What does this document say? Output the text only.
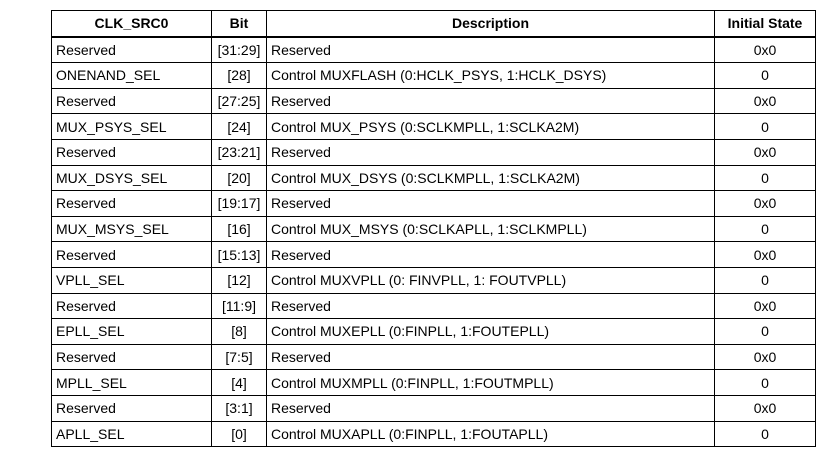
CLK_SRC0	Bit	Description	Initial State
Reserved	[31:29]	Reserved	0x0
ONENAND_SEL	[28]	Control MUXFLASH (0:HCLK_PSYS, 1:HCLK_DSYS)	0
Reserved	[27:25]	Reserved	0x0
MUX_PSYS_SEL	[24]	Control MUX_PSYS (0:SCLKMPLL, 1:SCLKA2M)	0
Reserved	[23:21]	Reserved	0x0
MUX_DSYS_SEL	[20]	Control MUX_DSYS (0:SCLKMPLL, 1:SCLKA2M)	0
Reserved	[19:17]	Reserved	0x0
MUX_MSYS_SEL	[16]	Control MUX_MSYS (0:SCLKAPLL, 1:SCLKMPLL)	0
Reserved	[15:13]	Reserved	0x0
VPLL_SEL	[12]	Control MUXVPLL (0: FINVPLL, 1: FOUTVPLL)	0
Reserved	[11:9]	Reserved	0x0
EPLL_SEL	[8]	Control MUXEPLL (0:FINPLL, 1:FOUTEPLL)	0
Reserved	[7:5]	Reserved	0x0
MPLL_SEL	[4]	Control MUXMPLL (0:FINPLL, 1:FOUTMPLL)	0
Reserved	[3:1]	Reserved	0x0
APLL_SEL	[0]	Control MUXAPLL (0:FINPLL, 1:FOUTAPLL)	0
